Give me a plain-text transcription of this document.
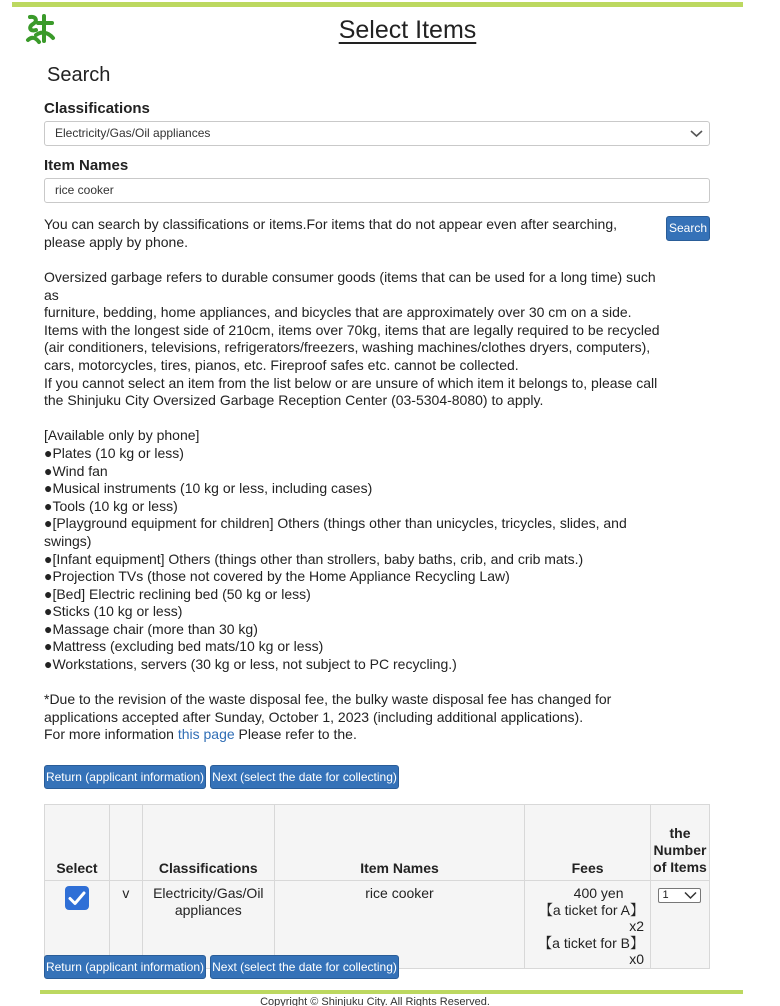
Select Items
Search
Classifications
Electricity/Gas/Oil appliances
Item Names
rice cooker
You can search by classifications or items.For items that do not appear even after searching, please apply by phone.
Search

Oversized garbage refers to durable consumer goods (items that can be used for a long time) such as

furniture, bedding, home appliances, and bicycles that are approximately over 30 cm on a side.

Items with the longest side of 210cm, items over 70kg, items that are legally required to be recycled

(air conditioners, televisions, refrigerators/freezers, washing machines/clothes dryers, computers),

cars, motorcycles, tires, pianos, etc. Fireproof safes etc. cannot be collected.

If you cannot select an item from the list below or are unsure of which item it belongs to, please call

the Shinjuku City Oversized Garbage Reception Center (03-5304-8080) to apply.

[Available only by phone]

●Plates (10 kg or less)

●Wind fan

●Musical instruments (10 kg or less, including cases)

●Tools (10 kg or less)

●[Playground equipment for children] Others (things other than unicycles, tricycles, slides, and

swings)

●[Infant equipment] Others (things other than strollers, baby baths, crib, and crib mats.)

●Projection TVs (those not covered by the Home Appliance Recycling Law)

●[Bed] Electric reclining bed (50 kg or less)

●Sticks (10 kg or less)

●Massage chair (more than 30 kg)

●Mattress (excluding bed mats/10 kg or less)

●Workstations, servers (30 kg or less, not subject to PC recycling.)

*Due to the revision of the waste disposal fee, the bulky waste disposal fee has changed for

applications accepted after Sunday, October 1, 2023 (including additional applications).

For more information this page Please refer to the.

Return (applicant information) Next (select the date for collecting)
Select		Classifications	Item Names	Fees	the Number of Items
	v	Electricity/Gas/Oil appliances	rice cooker	400 yen
【a ticket for A】x2
【a ticket for B】x0	1
Return (applicant information) Next (select the date for collecting)
Copyright © Shinjuku City. All Rights Reserved.
